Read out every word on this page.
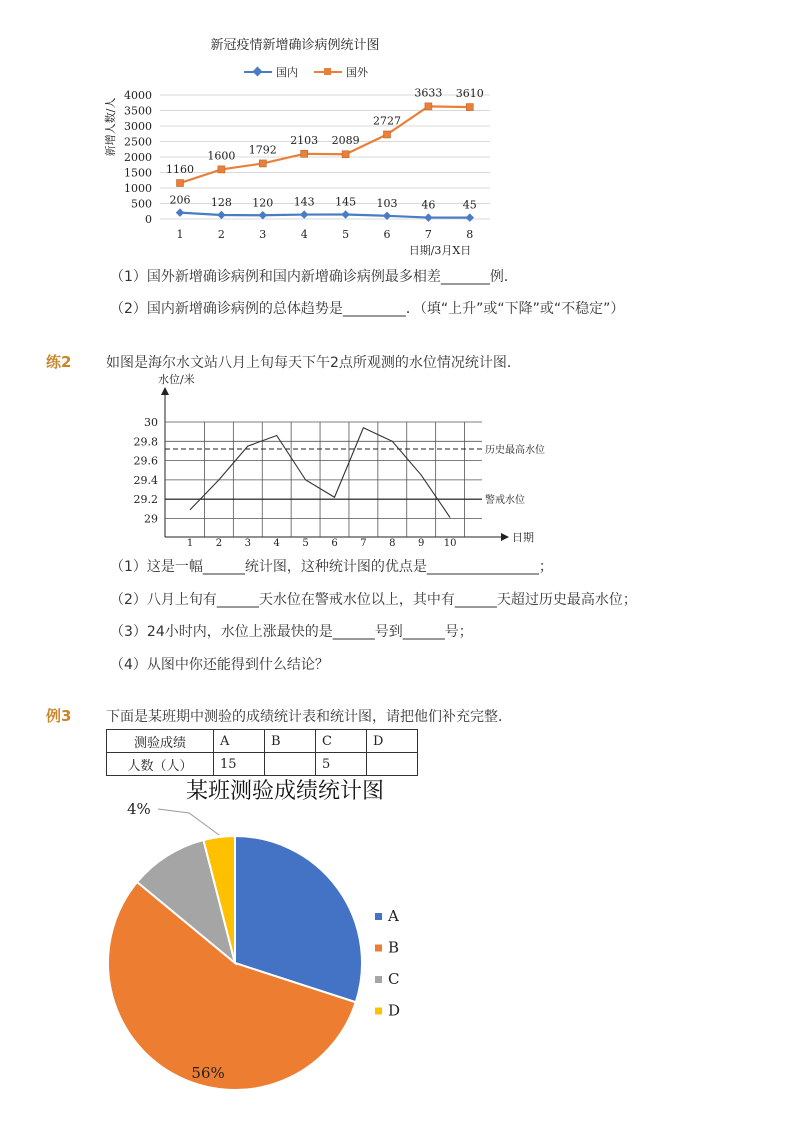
新冠疫情新增确诊病例统计图
国内	国外
新增人数/人
0
500
1000
1500
2000
2500
3000
3500
4000
1	2	3	4	5	6	7	8
206 128 120 143 145 103 46 45
1160
1600 1792
2103 2089
2727
3633 3610
日期/3月X日
（1）国外新增确诊病例和国内新增确诊病例最多相差_______例．
（2）国内新增确诊病例的总体趋势是_________．（填“上升”或“下降”或“不稳定”）
练2 如图是海尔水文站八月上旬每天下午2点所观测的水位情况统计图．
水位/米
29
29.2
29.4
29.6
29.8
30
1 2 3 4 5 6 7 8 9 10
历史最高水位
警戒水位
日期
（1）这是一幅______统计图，这种统计图的优点是________________；
（2）八月上旬有______天水位在警戒水位以上，其中有______天超过历史最高水位；
（3）24小时内，水位上涨最快的是______号到______号；
（4）从图中你还能得到什么结论？
例3 下面是某班期中测验的成绩统计表和统计图，请把他们补充完整．
测验成绩	A	B	C	D
人数（人）	15		5	
某班测验成绩统计图
56%
4%
A
B
C
D
